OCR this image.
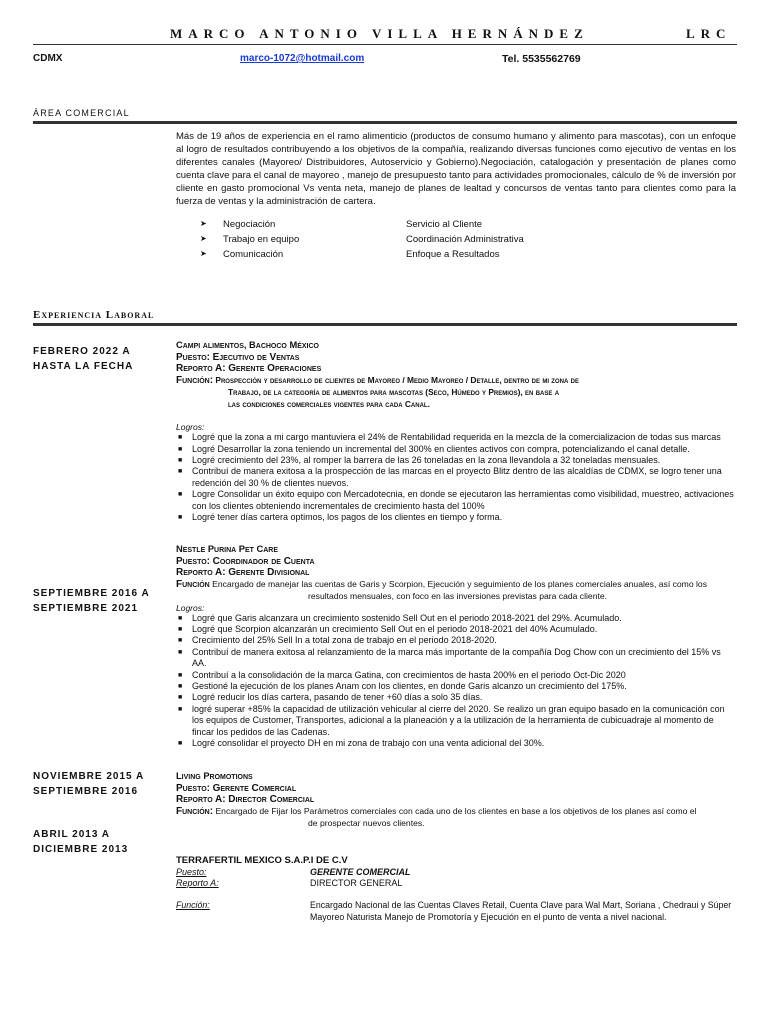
MARCO ANTONIO VILLA HERNÁNDEZ	LRC
CDMX	marco-1072@hotmail.com	Tel. 5535562769
ÁREA COMERCIAL
Más de 19 años de experiencia en el ramo alimenticio (productos de consumo humano y alimento para mascotas), con un enfoque al logro de resultados contribuyendo a los objetivos de la compañía, realizando diversas funciones como ejecutivo de ventas en los diferentes canales (Mayoreo/ Distribuidores, Autoservicio y Gobierno).Negociación, catalogación y presentación de planes como cuenta clave para el canal de mayoreo , manejo de presupuesto tanto para actividades promocionales, cálculo de % de inversión por cliente en gasto promocional Vs venta neta, manejo de planes de lealtad y concursos de ventas tanto para clientes como para la fuerza de ventas y la administración de cartera.
➤ Negociación	Servicio al Cliente
➤ Trabajo en equipo	Coordinación Administrativa
➤ Comunicación	Enfoque a Resultados
Experiencia Laboral
FEBRERO 2022 A
HASTA LA FECHA
Campi alimentos, Bachoco México
Puesto: Ejecutivo de Ventas
Reporto A: Gerente Operaciones
Función: Prospección y desarrollo de clientes de Mayoreo / Medio Mayoreo / Detalle, dentro de mi zona de
Trabajo, de la categoría de alimentos para mascotas (Seco, Húmedo y Premios), en base a
las condiciones comerciales vigentes para cada Canal.
Logros:
■ Logré que la zona a mi cargo mantuviera el 24% de Rentabilidad requerida en la mezcla de la comercializacion de todas sus marcas
■ Logré Desarrollar la zona teniendo un incremental del 300% en clientes activos con compra, potencializando el canal detalle.
■ Logré crecimiento del 23%, al romper la barrera de las 26 toneladas en la zona llevandola a 32 toneladas mensuales.
■ Contribuí de manera exitosa a la prospección de las marcas en el proyecto Blitz dentro de las alcaldías de CDMX, se logro tener una redención del 30 % de clientes nuevos.
■ Logre Consolidar un éxito equipo con Mercadotecnia, en donde se ejecutaron las herramientas como visibilidad, muestreo, activaciones con los clientes obteniendo incrementales de crecimiento hasta del 100%
■ Logré tener días cartera optimos, los pagos de los clientes en tiempo y forma.
SEPTIEMBRE 2016 A
SEPTIEMBRE 2021
Nestle Purina Pet Care
Puesto: Coordinador de Cuenta
Reporto A: Gerente Divisional
Función Encargado de manejar las cuentas de Garis y Scorpion, Ejecución y seguimiento de los planes comerciales anuales, así como los
resultados mensuales, con foco en las inversiones previstas para cada cliente.
Logros:
■ Logré que Garis alcanzara un crecimiento sostenido Sell Out en el periodo 2018-2021 del 29%. Acumulado.
■ Logré que Scorpion alcanzarán un crecimiento Sell Out en el periodo 2018-2021 del 40% Acumulado.
■ Crecimiento del 25% Sell In a total zona de trabajo en el periodo 2018-2020.
■ Contribuí de manera exitosa al relanzamiento de la marca más importante de la compañía Dog Chow con un crecimiento del 15% vs AA.
■ Contribuí a la consolidación de la marca Gatina, con crecimientos de hasta 200% en el periodo Oct-Dic 2020
■ Gestioné la ejecución de los planes Anam con los clientes, en donde Garis alcanzo un crecimiento del 175%.
■ Logré reducir los días cartera, pasando de tener +60 días a solo 35 días.
■ logré superar +85% la capacidad de utilización vehicular al cierre del 2020. Se realizo un gran equipo basado en la comunicación con los equipos de Customer, Transportes, adicional a la planeación y a la utilización de la herramienta de cubicuadraje al momento de fincar los pedidos de las Cadenas.
■ Logré consolidar el proyecto DH en mi zona de trabajo con una venta adicional del 30%.
NOVIEMBRE 2015 A
SEPTIEMBRE 2016
Living Promotions
Puesto: Gerente Comercial
Reporto A: Director Comercial
Función: Encargado de Fijar los Parámetros comerciales con cada uno de los clientes en base a los objetivos de los planes así como el
de prospectar nuevos clientes.
ABRIL 2013 A
DICIEMBRE 2013
TERRAFERTIL MEXICO S.A.P.I DE C.V
Puesto:	GERENTE COMERCIAL
Reporto A:	DIRECTOR GENERAL
Función:	Encargado Nacional de las Cuentas Claves Retail, Cuenta Clave para Wal Mart, Soriana , Chedraui y Súper
Mayoreo Naturista Manejo de Promotoría y Ejecución en el punto de venta a nivel nacional.
